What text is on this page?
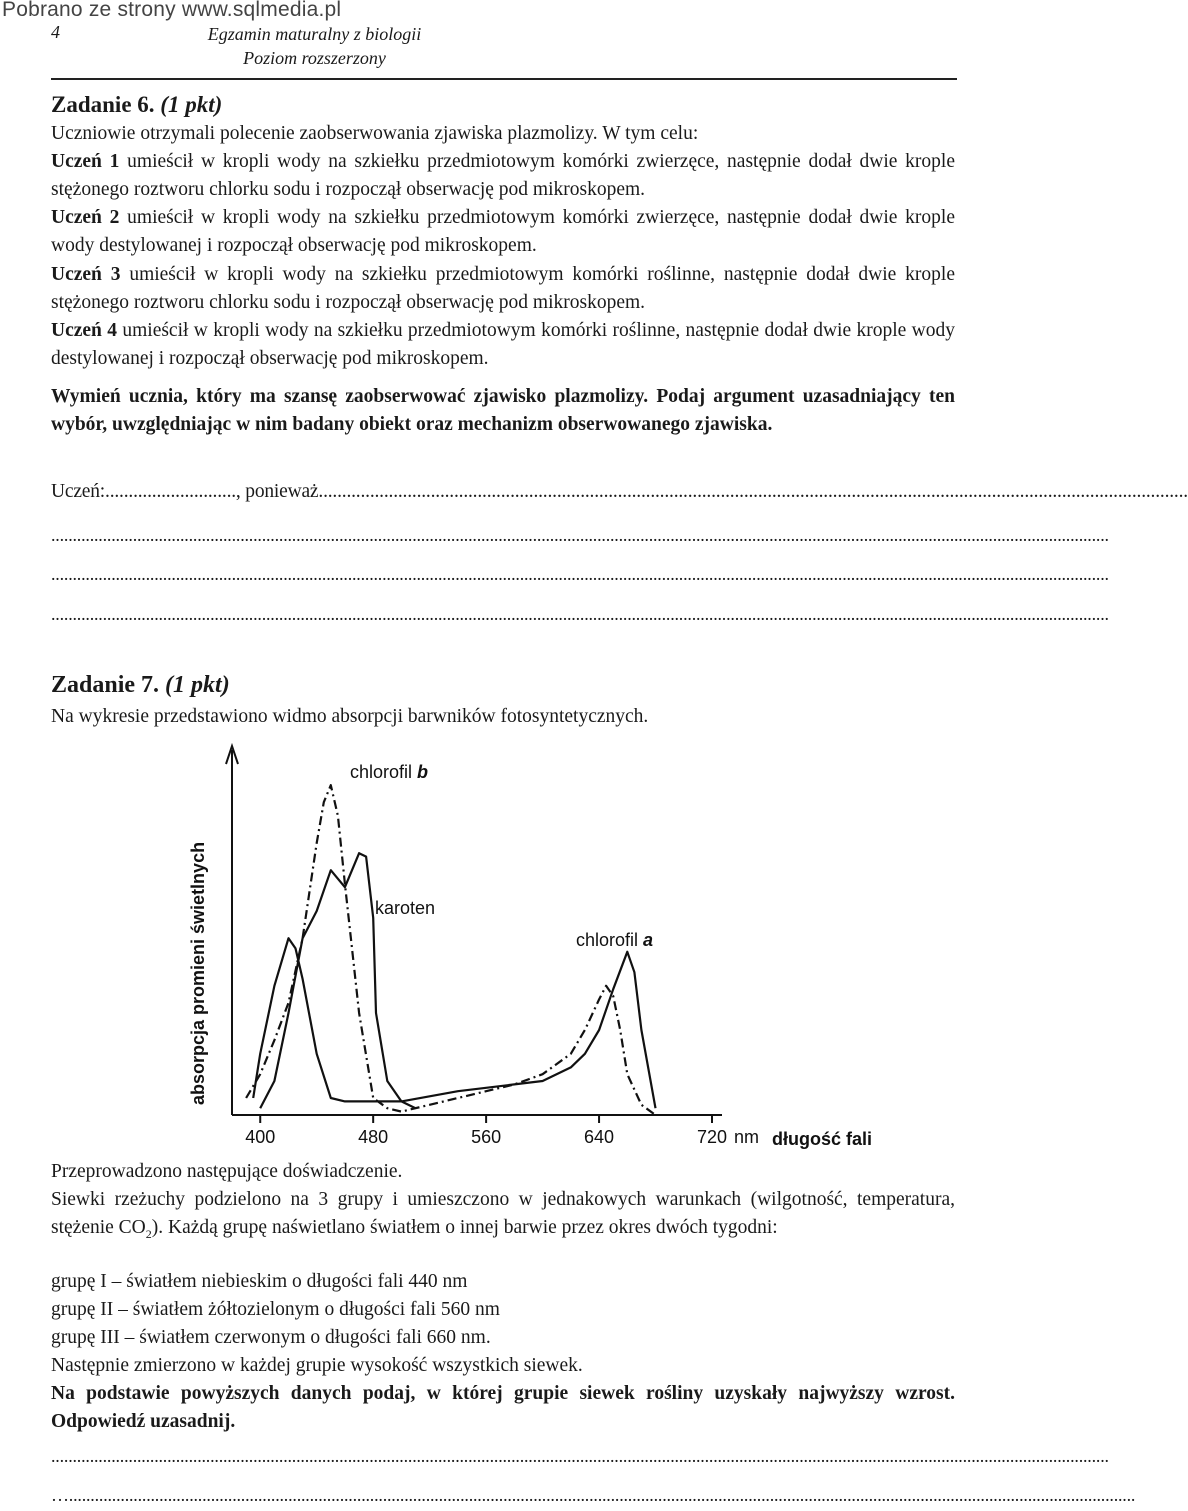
Pobrano ze strony www.sqlmedia.pl
4	Egzamin maturalny z biologii
Poziom rozszerzony
Zadanie 6. (1 pkt)
Uczniowie otrzymali polecenie zaobserwowania zjawiska plazmolizy. W tym celu:
Uczeń 1 umieścił w kropli wody na szkiełku przedmiotowym komórki zwierzęce, następnie dodał dwie krople stężonego roztworu chlorku sodu i rozpoczął obserwację pod mikroskopem.
Uczeń 2 umieścił w kropli wody na szkiełku przedmiotowym komórki zwierzęce, następnie dodał dwie krople wody destylowanej i rozpoczął obserwację pod mikroskopem.
Uczeń 3 umieścił w kropli wody na szkiełku przedmiotowym komórki roślinne, następnie dodał dwie krople stężonego roztworu chlorku sodu i rozpoczął obserwację pod mikroskopem.
Uczeń 4 umieścił w kropli wody na szkiełku przedmiotowym komórki roślinne, następnie dodał dwie krople wody destylowanej i rozpoczął obserwację pod mikroskopem.
Wymień ucznia, który ma szansę zaobserwować zjawisko plazmolizy. Podaj argument uzasadniający ten wybór, uwzględniając w nim badany obiekt oraz mechanizm obserwowanego zjawiska.
Uczeń:............................, ponieważ..........................................................................................................................................................................................
......................................................................................................................................................................................................................................................
......................................................................................................................................................................................................................................................
......................................................................................................................................................................................................................................................
Zadanie 7. (1 pkt)
Na wykresie przedstawiono widmo absorpcji barwników fotosyntetycznych.
400	480	560	640	720 nm długość fali
absorpcja promieni świetlnych
chlorofil b
karoten
chlorofil a
Przeprowadzono następujące doświadczenie.
Siewki rzeżuchy podzielono na 3 grupy i umieszczono w jednakowych warunkach (wilgotność, temperatura, stężenie $CO_2$). Każdą grupę naświetlano światłem o innej barwie przez okres dwóch tygodni:
grupę I – światłem niebieskim o długości fali 440 nm
grupę II – światłem żółtozielonym o długości fali 560 nm
grupę III – światłem czerwonym o długości fali 660 nm.
Następnie zmierzono w każdej grupie wysokość wszystkich siewek.
Na podstawie powyższych danych podaj, w której grupie siewek rośliny uzyskały najwyższy wzrost. Odpowiedź uzasadnij.
......................................................................................................................................................................................................................................................
…........................................................................................................................................................................................................................................................
